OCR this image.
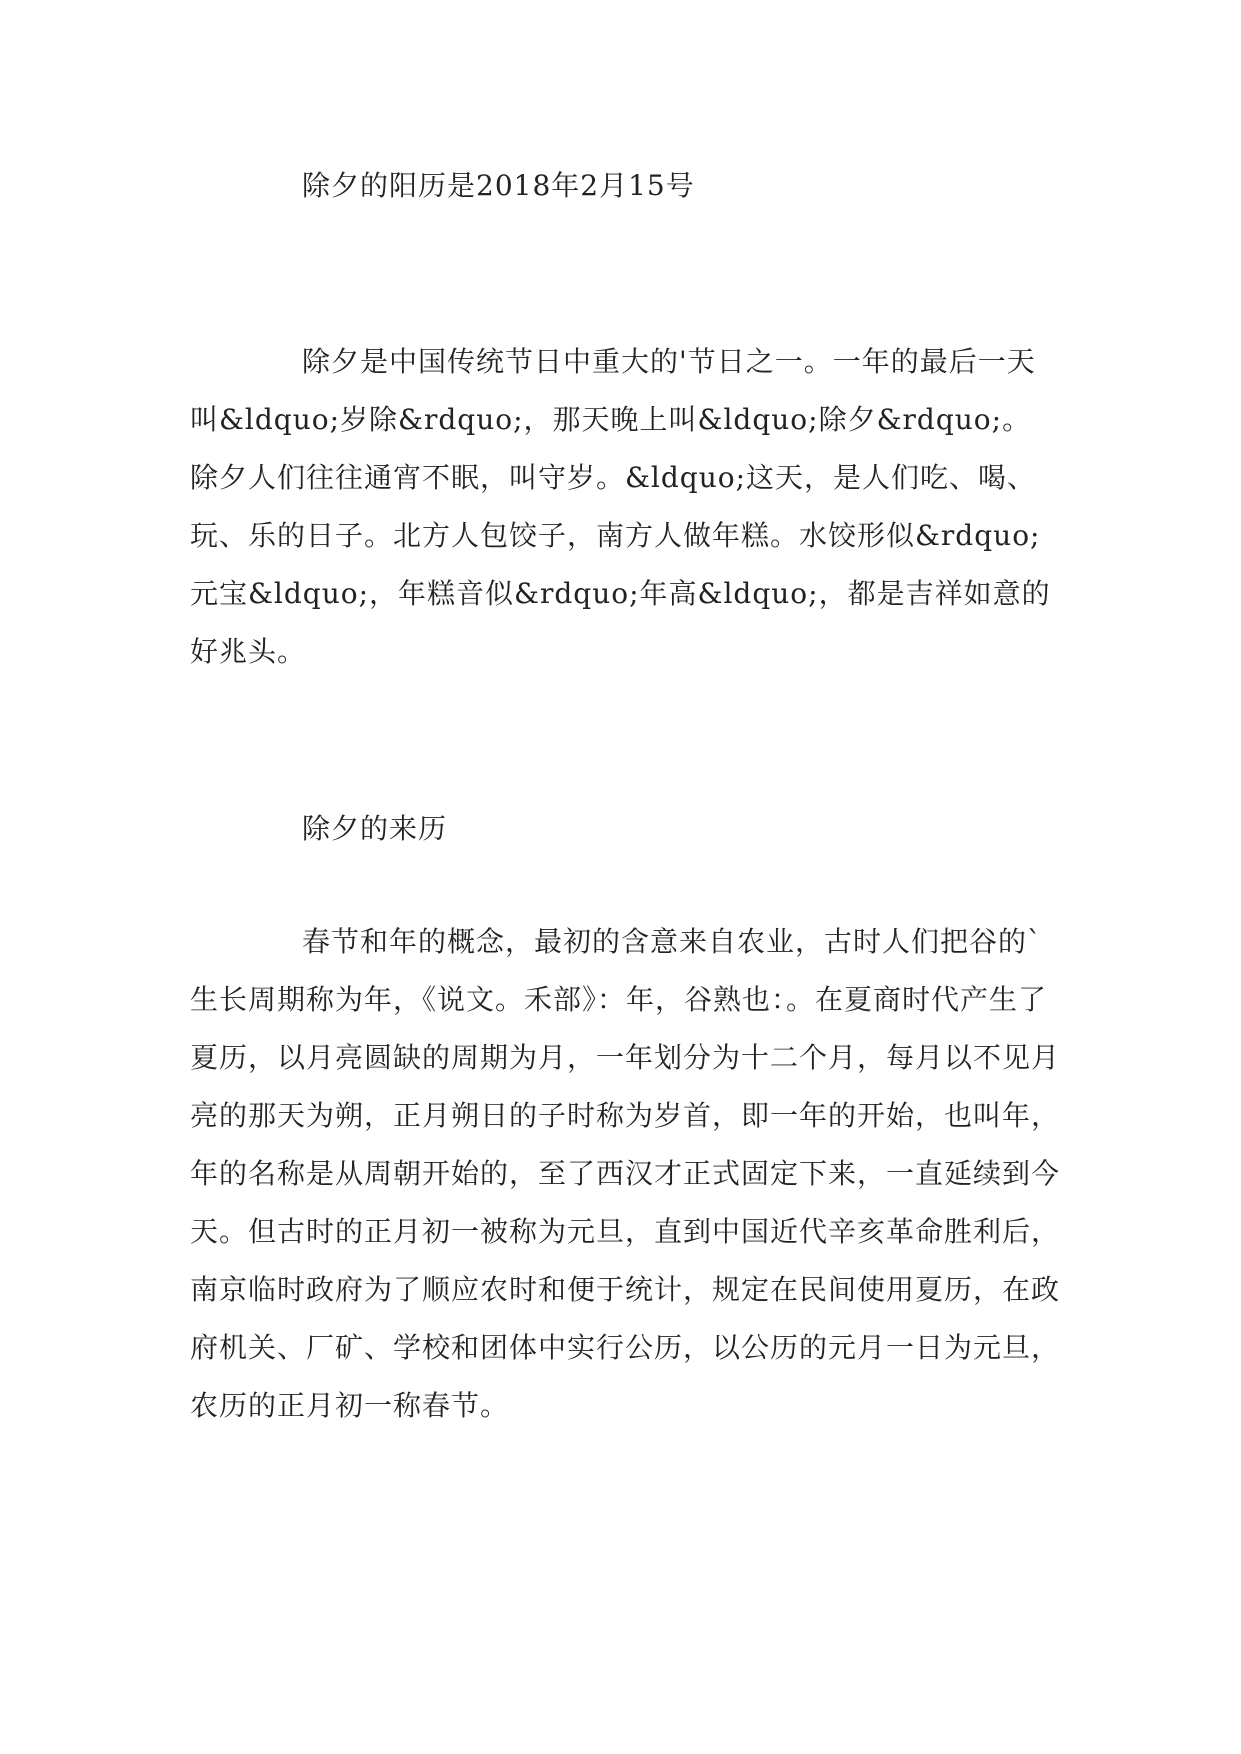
除夕的阳历是2018年2月15号

除夕是中国传统节日中重大的'节日之一。一年的最后一天叫&ldquo;岁除&rdquo;，那天晚上叫&ldquo;除夕&rdquo;。除夕人们往往通宵不眠，叫守岁。&ldquo;这天，是人们吃、喝、玩、乐的日子。北方人包饺子，南方人做年糕。水饺形似&rdquo;元宝&ldquo;，年糕音似&rdquo;年高&ldquo;，都是吉祥如意的好兆头。

除夕的来历

春节和年的概念，最初的含意来自农业，古时人们把谷的`生长周期称为年，《说文。禾部》：年，谷熟也：。在夏商时代产生了夏历，以月亮圆缺的周期为月，一年划分为十二个月，每月以不见月亮的那天为朔，正月朔日的子时称为岁首，即一年的开始，也叫年，年的名称是从周朝开始的，至了西汉才正式固定下来，一直延续到今天。但古时的正月初一被称为元旦，直到中国近代辛亥革命胜利后，南京临时政府为了顺应农时和便于统计，规定在民间使用夏历，在政府机关、厂矿、学校和团体中实行公历，以公历的元月一日为元旦，农历的正月初一称春节。
